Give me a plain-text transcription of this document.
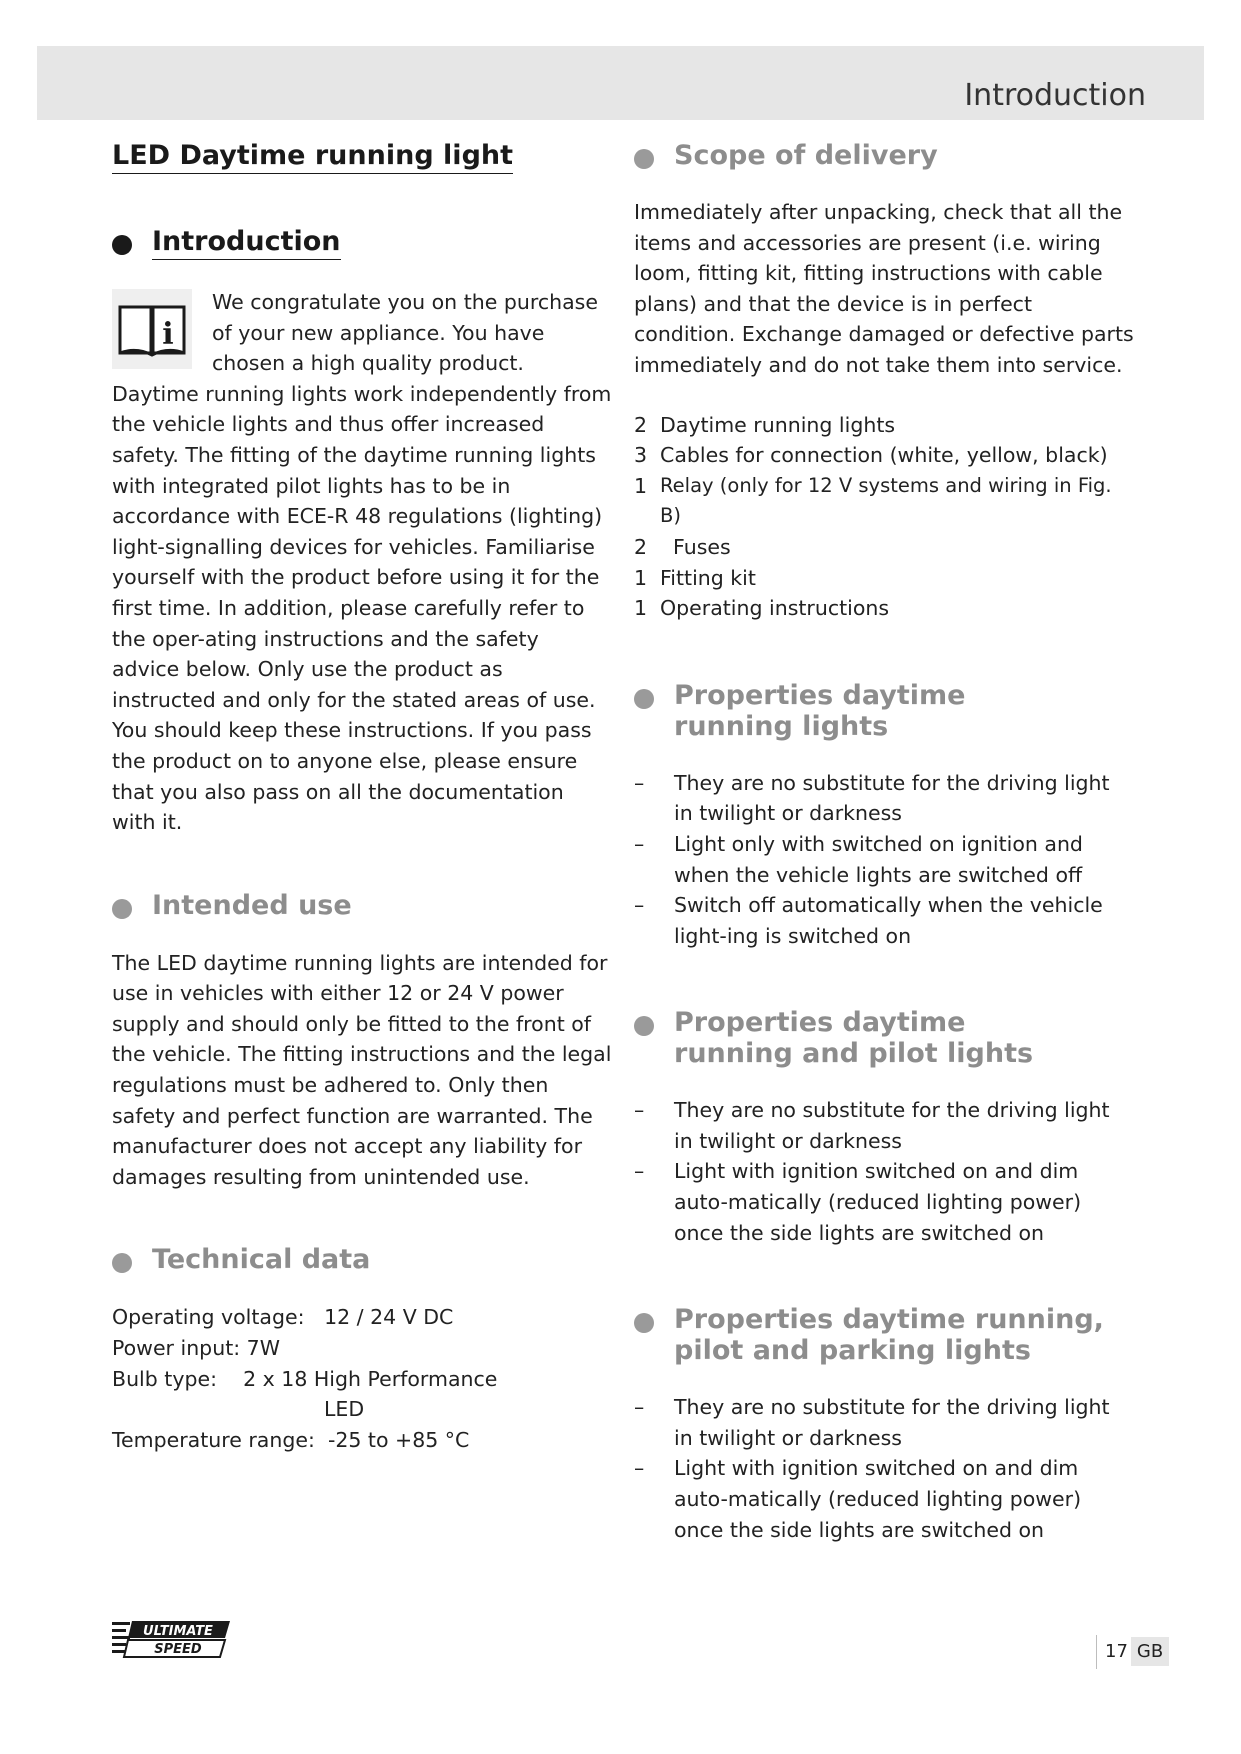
Introduction
LED Daytime running light
Introduction
i

We congratulate you on the purchase of your new appliance. You have chosen a high quality product. Daytime running lights work independently from the vehicle lights and thus offer increased safety. The fitting of the daytime running lights with integrated pilot lights has to be in accordance with ECE-R 48 regulations (lighting) light-signalling devices for vehicles. Familiarise yourself with the product before using it for the first time. In addition, please carefully refer to the oper-ating instructions and the safety advice below. Only use the product as instructed and only for the stated areas of use. You should keep these instructions. If you pass the product on to anyone else, please ensure that you also pass on all the documentation with it.

Intended use

The LED daytime running lights are intended for use in vehicles with either 12 or 24 V power supply and should only be fitted to the front of the vehicle. The fitting instructions and the legal regulations must be adhered to. Only then safety and perfect function are warranted. The manufacturer does not accept any liability for damages resulting from unintended use.

Technical data
Operating voltage: 12 / 24 V DC
Power input: 7W
Bulb type: 2 x 18 High Performance
LED
Temperature range: -25 to +85 °C
Scope of delivery

Immediately after unpacking, check that all the items and accessories are present (i.e. wiring loom, fitting kit, fitting instructions with cable plans) and that the device is in perfect condition. Exchange damaged or defective parts immediately and do not take them into service.

2 Daytime running lights
3 Cables for connection (white, yellow, black)
1 Relay (only for 12 V systems and wiring in Fig. B)
2 Fuses
1 Fitting kit
1 Operating instructions
Properties daytime
running lights
– They are no substitute for the driving light in twilight or darkness
– Light only with switched on ignition and when the vehicle lights are switched off
– Switch off automatically when the vehicle light-ing is switched on
Properties daytime
running and pilot lights
– They are no substitute for the driving light in twilight or darkness
– Light with ignition switched on and dim auto-matically (reduced lighting power) once the side lights are switched on
Properties daytime running,
pilot and parking lights
– They are no substitute for the driving light in twilight or darkness
– Light with ignition switched on and dim auto-matically (reduced lighting power) once the side lights are switched on
ULTIMATE
SPEED	17 GB
